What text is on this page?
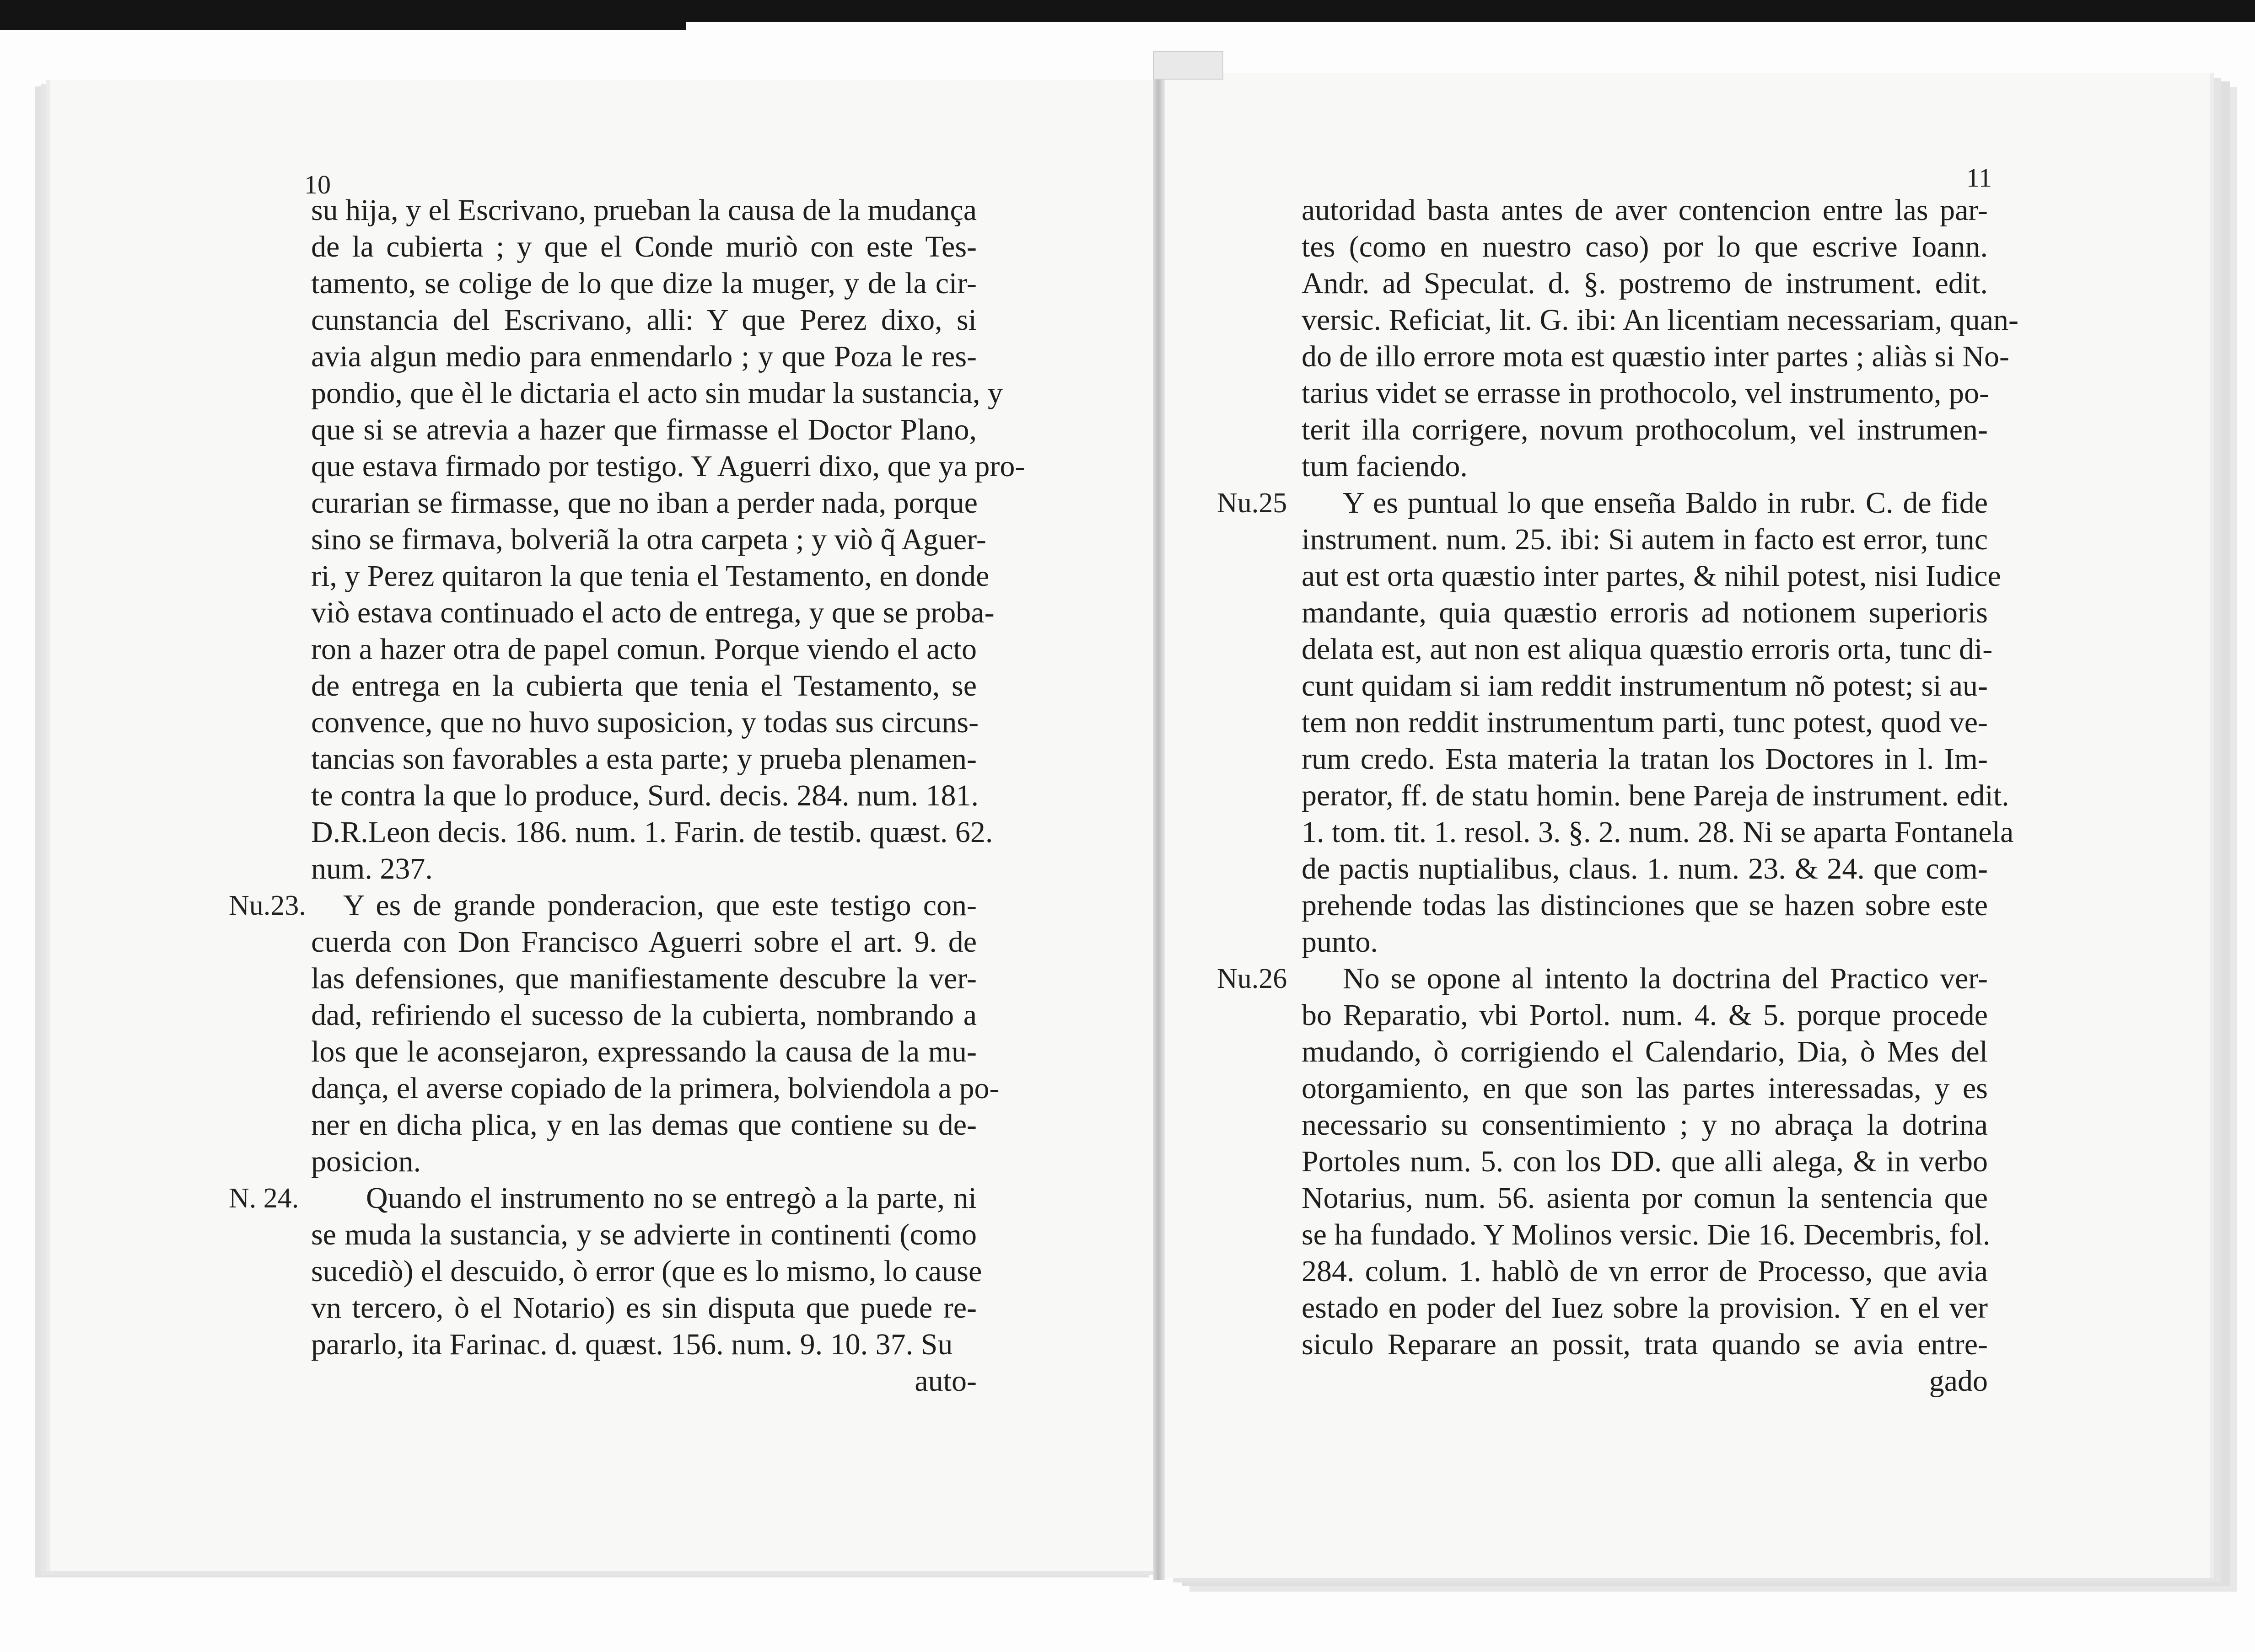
10	11
su hija, y el Escrivano, prueban la causa de la mudança
de la cubierta ; y que el Conde muriò con este Tes-
tamento, se colige de lo que dize la muger, y de la cir-
cunstancia del Escrivano, alli: Y que Perez dixo, si
avia algun medio para enmendarlo ; y que Poza le res-
pondio, que èl le dictaria el acto sin mudar la sustancia, y
que si se atrevia a hazer que firmasse el Doctor Plano,
que estava firmado por testigo. Y Aguerri dixo, que ya pro-
curarian se firmasse, que no iban a perder nada, porque
sino se firmava, bolveriã la otra carpeta ; y viò q̃ Aguer-
ri, y Perez quitaron la que tenia el Testamento, en donde
viò estava continuado el acto de entrega, y que se proba-
ron a hazer otra de papel comun. Porque viendo el acto
de entrega en la cubierta que tenia el Testamento, se
convence, que no huvo suposicion, y todas sus circuns-
tancias son favorables a esta parte; y prueba plenamen-
te contra la que lo produce, Surd. decis. 284. num. 181.
D.R.Leon decis. 186. num. 1. Farin. de testib. quæst. 62.
num. 237.
Y es de grande ponderacion, que este testigo con-
cuerda con Don Francisco Aguerri sobre el art. 9. de
las defensiones, que manifiestamente descubre la ver-
dad, refiriendo el sucesso de la cubierta, nombrando a
los que le aconsejaron, expressando la causa de la mu-
dança, el averse copiado de la primera, bolviendola a po-
ner en dicha plica, y en las demas que contiene su de-
posicion.
Quando el instrumento no se entregò a la parte, ni
se muda la sustancia, y se advierte in continenti (como
sucediò) el descuido, ò error (que es lo mismo, lo cause
vn tercero, ò el Notario) es sin disputa que puede re-
pararlo, ita Farinac. d. quæst. 156. num. 9. 10. 37. Su
auto-
Nu.23.
N. 24.
autoridad basta antes de aver contencion entre las par-
tes (como en nuestro caso) por lo que escrive Ioann.
Andr. ad Speculat. d. §. postremo de instrument. edit.
versic. Reficiat, lit. G. ibi: An licentiam necessariam, quan-
do de illo errore mota est quæstio inter partes ; aliàs si No-
tarius videt se errasse in prothocolo, vel instrumento, po-
terit illa corrigere, novum prothocolum, vel instrumen-
tum faciendo.
Y es puntual lo que enseña Baldo in rubr. C. de fide
instrument. num. 25. ibi: Si autem in facto est error, tunc
aut est orta quæstio inter partes, & nihil potest, nisi Iudice
mandante, quia quæstio erroris ad notionem superioris
delata est, aut non est aliqua quæstio erroris orta, tunc di-
cunt quidam si iam reddit instrumentum nõ potest; si au-
tem non reddit instrumentum parti, tunc potest, quod ve-
rum credo. Esta materia la tratan los Doctores in l. Im-
perator, ff. de statu homin. bene Pareja de instrument. edit.
1. tom. tit. 1. resol. 3. §. 2. num. 28. Ni se aparta Fontanela
de pactis nuptialibus, claus. 1. num. 23. & 24. que com-
prehende todas las distinciones que se hazen sobre este
punto.
No se opone al intento la doctrina del Practico ver-
bo Reparatio, vbi Portol. num. 4. & 5. porque procede
mudando, ò corrigiendo el Calendario, Dia, ò Mes del
otorgamiento, en que son las partes interessadas, y es
necessario su consentimiento ; y no abraça la dotrina
Portoles num. 5. con los DD. que alli alega, & in verbo
Notarius, num. 56. asienta por comun la sentencia que
se ha fundado. Y Molinos versic. Die 16. Decembris, fol.
284. colum. 1. hablò de vn error de Processo, que avia
estado en poder del Iuez sobre la provision. Y en el ver
siculo Reparare an possit, trata quando se avia entre-
gado
Nu.25
Nu.26
